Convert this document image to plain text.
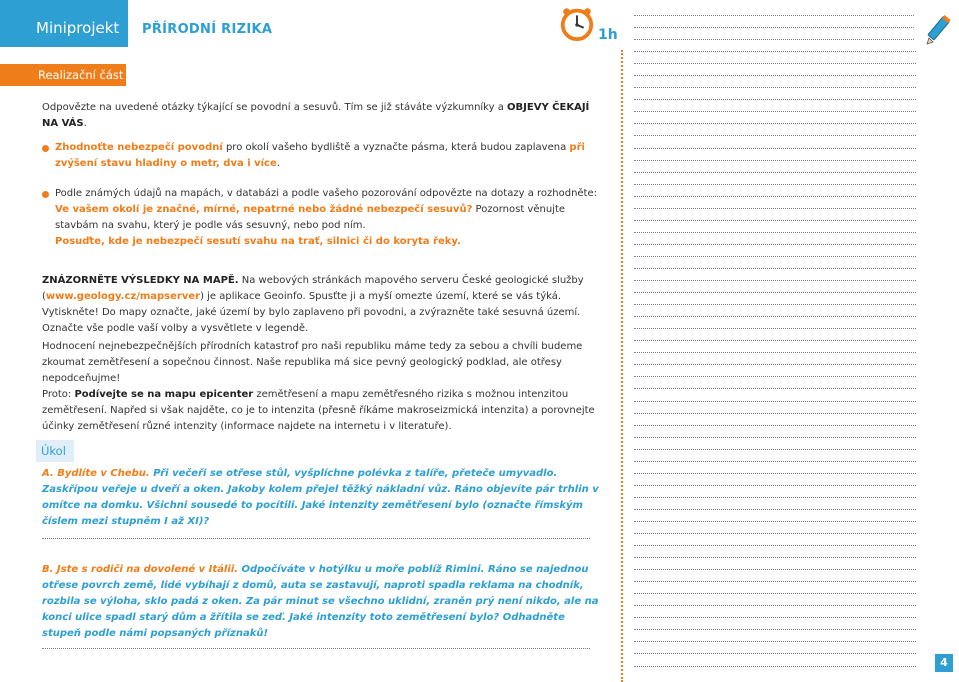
Miniprojekt PŘÍRODNÍ RIZIKA	1h
Realizační část
Odpovězte na uvedené otázky týkající se povodní a sesuvů. Tím se již stáváte výzkumníky a OBJEVY ČEKAJÍ NA VÁS.
Zhodnoťte nebezpečí povodní pro okolí vašeho bydliště a vyznačte pásma, která budou zaplavena při zvýšení stavu hladiny o metr, dva i více.
Podle známých údajů na mapách, v databázi a podle vašeho pozorování odpovězte na dotazy a rozhodněte:
Ve vašem okolí je značné, mírné, nepatrné nebo žádné nebezpečí sesuvů? Pozornost věnujte stavbám na svahu, který je podle vás sesuvný, nebo pod ním.
Posuďte, kde je nebezpečí sesutí svahu na trať, silnici či do koryta řeky.
ZNÁZORNĚTE VÝSLEDKY NA MAPĚ. Na webových stránkách mapového serveru České geologické služby (www.geology.cz/mapserver) je aplikace Geoinfo. Spusťte ji a myší omezte území, které se vás týká. Vytiskněte! Do mapy označte, jaké území by bylo zaplaveno při povodni, a zvýrazněte také sesuvná území. Označte vše podle vaší volby a vysvětlete v legendě.
Hodnocení nejnebezpečnějších přírodních katastrof pro naši republiku máme tedy za sebou a chvíli budeme zkoumat zemětřesení a sopečnou činnost. Naše republika má sice pevný geologický podklad, ale otřesy nepodceňujme!
Proto: Podívejte se na mapu epicenter zemětřesení a mapu zemětřesného rizika s možnou intenzitou zemětřesení. Napřed si však najděte, co je to intenzita (přesně říkáme makroseizmická intenzita) a porovnejte účinky zemětřesení různé intenzity (informace najdete na internetu i v literatuře).
Úkol
A. Bydlíte v Chebu. Při večeři se otřese stůl, vyšplíchne polévka z talíře, přeteče umyvadlo. Zaskřípou veřeje u dveří a oken. Jakoby kolem přejel těžký nákladní vůz. Ráno objevíte pár trhlin v omítce na domku. Všichni sousedé to pocítili. Jaké intenzity zemětřesení bylo (označte římským číslem mezi stupněm I až XI)?
B. Jste s rodiči na dovolené v Itálii. Odpočíváte v hotýlku u moře poblíž Rimini. Ráno se najednou otřese povrch země, lidé vybíhají z domů, auta se zastavují, naproti spadla reklama na chodník, rozbila se výloha, sklo padá z oken. Za pár minut se všechno uklidní, zraněn prý není nikdo, ale na konci ulice spadl starý dům a žřítila se zeď. Jaké intenzity toto zemětřesení bylo? Odhadněte stupeň podle námi popsaných příznaků!
4
